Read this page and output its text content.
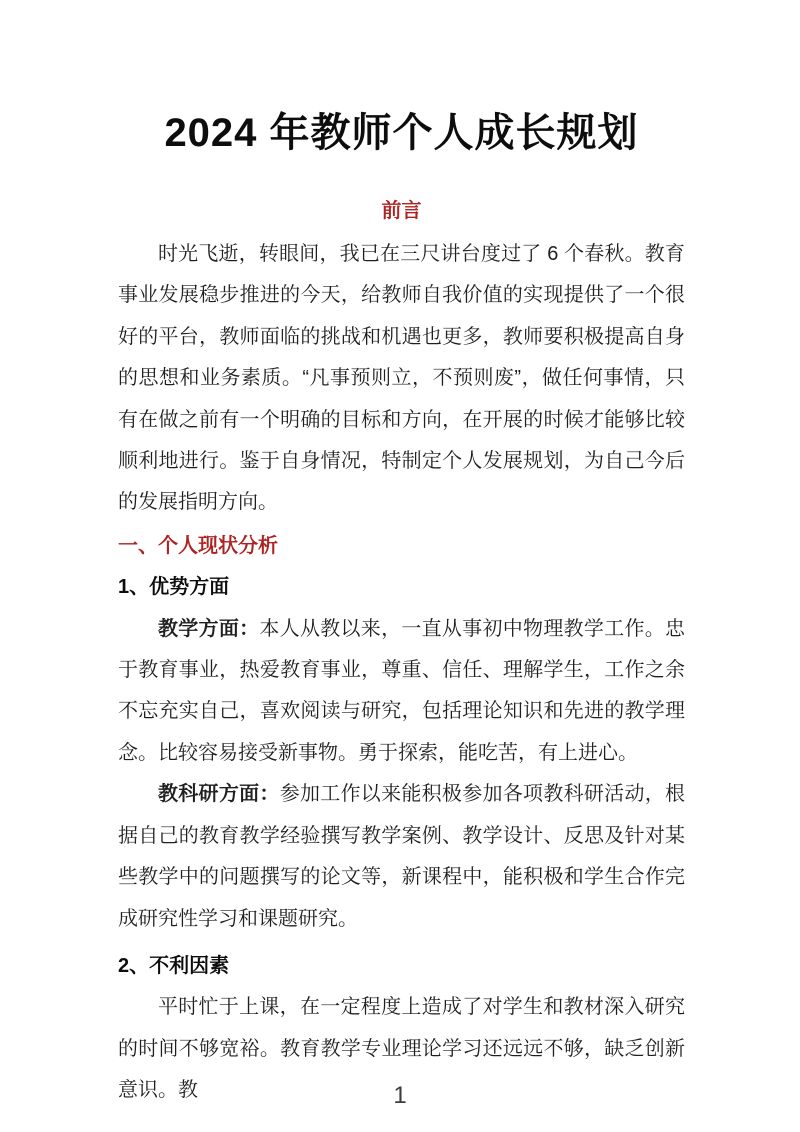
2024 年教师个人成长规划
前言

时光飞逝，转眼间，我已在三尺讲台度过了 6 个春秋。教育事业发展稳步推进的今天，给教师自我价值的实现提供了一个很好的平台，教师面临的挑战和机遇也更多，教师要积极提高自身的思想和业务素质。“凡事预则立，不预则废”，做任何事情，只有在做之前有一个明确的目标和方向，在开展的时候才能够比较顺利地进行。鉴于自身情况，特制定个人发展规划，为自己今后的发展指明方向。

一、个人现状分析
1、优势方面

教学方面：本人从教以来，一直从事初中物理教学工作。忠于教育事业，热爱教育事业，尊重、信任、理解学生，工作之余不忘充实自己，喜欢阅读与研究，包括理论知识和先进的教学理念。比较容易接受新事物。勇于探索，能吃苦，有上进心。

教科研方面：参加工作以来能积极参加各项教科研活动，根据自己的教育教学经验撰写教学案例、教学设计、反思及针对某些教学中的问题撰写的论文等，新课程中，能积极和学生合作完成研究性学习和课题研究。

2、不利因素

平时忙于上课，在一定程度上造成了对学生和教材深入研究的时间不够宽裕。教育教学专业理论学习还远远不够，缺乏创新意识。教	1
